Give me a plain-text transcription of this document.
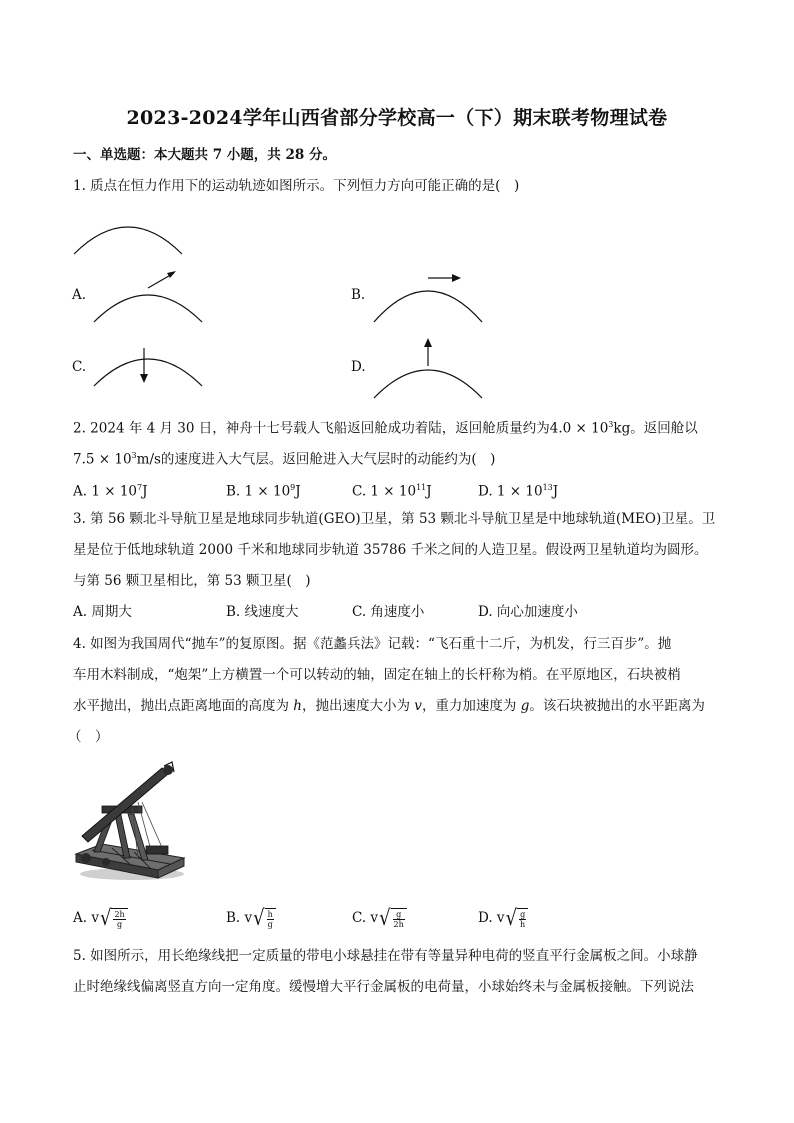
2023-2024学年山西省部分学校高一（下）期末联考物理试卷
一、单选题：本大题共 7 小题，共 28 分。
1. 质点在恒力作用下的运动轨迹如图所示。下列恒力方向可能正确的是(　)
A.	B.
C.	D.
2. 2024 年 4 月 30 日，神舟十七号载人飞船返回舱成功着陆，返回舱质量约为$4.0 \times 10^3kg$。返回舱以
$7.5 \times 10^3m/s$的速度进入大气层。返回舱进入大气层时的动能约为(　)
A. $1 \times 10^7J$	B. $1 \times 10^9J$	C. $1 \times 10^{11}J$	D. $1 \times 10^{13}J$
3. 第 56 颗北斗导航卫星是地球同步轨道(GEO)卫星，第 53 颗北斗导航卫星是中地球轨道(MEO)卫星。卫
星是位于低地球轨道 2000 千米和地球同步轨道 35786 千米之间的人造卫星。假设两卫星轨道均为圆形。
与第 56 颗卫星相比，第 53 颗卫星(　)
A. 周期大	B. 线速度大	C. 角速度小	D. 向心加速度小
4. 如图为我国周代“抛车”的复原图。据《范蠡兵法》记载：“飞石重十二斤，为机发，行三百步”。抛
车用木料制成，“炮架”上方横置一个可以转动的轴，固定在轴上的长杆称为梢。在平原地区，石块被梢
水平抛出，抛出点距离地面的高度为 h，抛出速度大小为 v，重力加速度为 g。该石块被抛出的水平距离为
（　）
A. $v√ \frac{2h}{g}$	B. $v√ \frac{h}{g}$	C. $v√ \frac{g}{2h}$	D. $v√ \frac{g}{h}$
5. 如图所示，用长绝缘线把一定质量的带电小球悬挂在带有等量异种电荷的竖直平行金属板之间。小球静
止时绝缘线偏离竖直方向一定角度。缓慢增大平行金属板的电荷量，小球始终未与金属板接触。下列说法
